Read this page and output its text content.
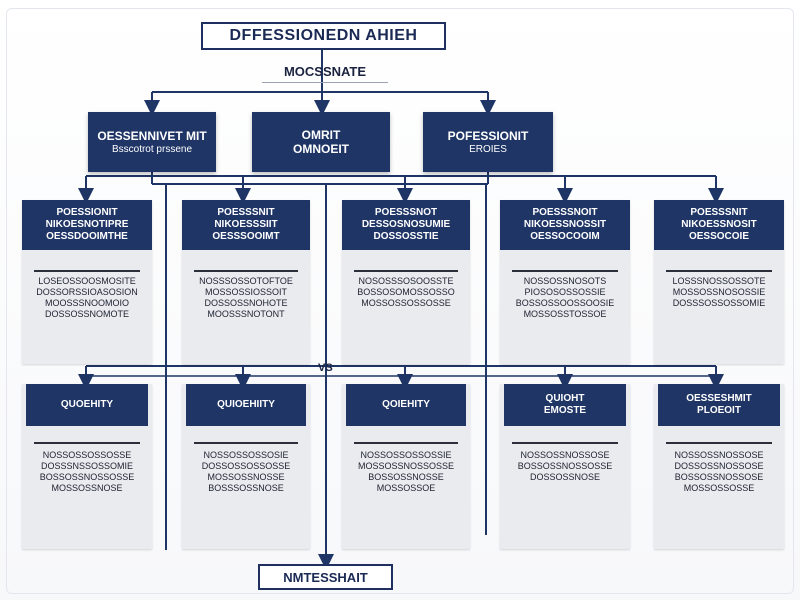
DFFESSIONEDN AHIEH
MOCSSNATE
OESSENNIVET MIT
Bsscotrot prssene
OMRIT
OMNOEIT
POFESSIONIT
EROIES
POESSIONIT
NIKOESNOTIPRE
OESSDOOIMTHE
LOSEOSSOOSMOSITE
DOSSORSSIOASOSION
MOOSSSNOOMOIO
DOSSOSSNOMOTE
POESSSNIT
NIKOESSSIIT
OESSSOOIMT
NOSSSOSSOTOFTOE
MOSSOSSIOSSOIT
DOSSOSSNOHOTE
MOOSSSNOTONT
POESSSNOT
DESSOSNOSUMIE
DOSSOSSTIE
NOSOSSSOSOOSSTE
BOSSOSOMOSSOSSO
MOSSOSSOSSOSSE
POESSSNOIT
NIKOESSNOSSIT
OESSOCOOIM
NOSSOSSNOSOTS
PIOSOSOSSOSSIE
BOSSOSSOOSSOOSIE
MOSSOSSTOSSOE
POESSSNIT
NIKOESSNOSIT
OESSOCOIE
LOSSSNOSSOSSOTE
MOSSOSSNOSOSSIE
DOSSSOSSOSSOMIE
VS
QUOEHITY
NOSSOSSOSSOSSE
DOSSSNSSOSSOMIE
BOSSOSSNOSSOSSE
MOSSOSSNOSE
QUIOEHIITY
NOSSOSSOSSOSIE
DOSSOSSOSSOSSE
MOSSOSSNOSSE
BOSSSOSSNOSE
QOIEHITY
NOSSOSSOSSOSSIE
MOSSOSSNOSSOSSE
BOSSOSSNOSSE
MOSSOSSOE
QUIOHT
EMOSTE
NOSSOSSNOSSOSE
BOSSOSSNOSSOSSE
DOSSOSSNOSE
OESSESHMIT
PLOEOIT
NOSSOSSNOSSOSE
DOSSOSSNOSSOSE
BOSSOSSNOSSOSE
MOSSOSSOSSE
NMTESSHAIT
